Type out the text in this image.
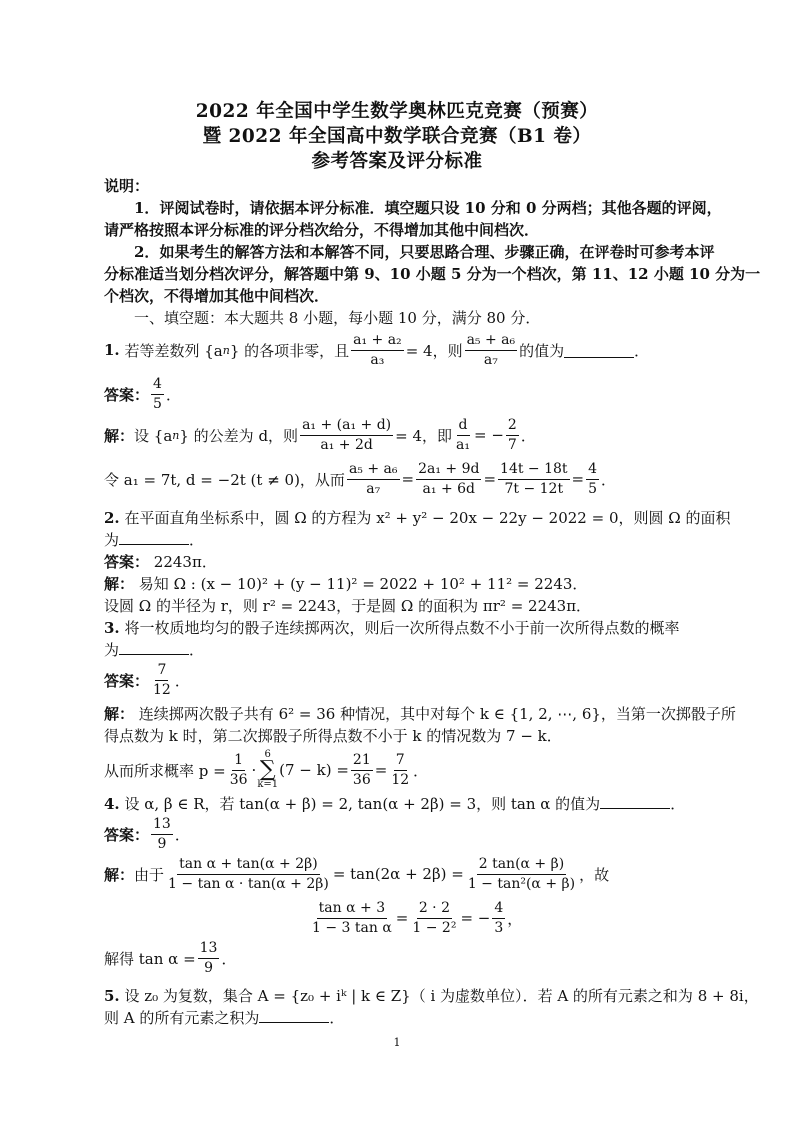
2022 年全国中学生数学奥林匹克竞赛（预赛）
暨 2022 年全国高中数学联合竞赛（B1 卷）
参考答案及评分标准
说明：
1．评阅试卷时，请依据本评分标准．填空题只设 10 分和 0 分两档；其他各题的评阅，
请严格按照本评分标准的评分档次给分，不得增加其他中间档次．
2．如果考生的解答方法和本解答不同，只要思路合理、步骤正确，在评卷时可参考本评
分标准适当划分档次评分，解答题中第 9、10 小题 5 分为一个档次，第 11、12 小题 10 分为一
个档次，不得增加其他中间档次．
一、填空题：本大题共 8 小题，每小题 10 分，满分 80 分．
1.
若等差数列 {a n } 的各项非零，且 $\frac{\text{a₁ + a₂}}{\text{a₃}} = 4$，则 $\frac{\text{a₅ + a₆}}{\text{a₇}}$ 的值为	．
答案： $\frac{4}{5}$ ．
解： 设 {a n } 的公差为 d，则 $\frac{\text{a₁ + (a₁ + d)}}{\text{a₁ + 2d}} = 4$，即 $\frac{d}{\text{a₁}}$ = − $\frac{2}{7}$ ．
令 a₁ = 7t, d = −2t (t ≠ 0)，从而 $\frac{\text{a₅ + a₆}}{\text{a₇}} = \frac{\text{2a₁ + 9d}}{\text{a₁ + 6d}} = \frac{14t - 18t}{7t - 12t} = \frac{4}{5}$ ．
2. 在平面直角坐标系中，圆 Ω 的方程为 x² + y² − 20x − 22y − 2022 = 0，则圆 Ω 的面积
为	．
答案： 2243π．
解： 易知 Ω : (x − 10)² + (y − 11)² = 2022 + 10² + 11² = 2243．
设圆 Ω 的半径为 r，则 r² = 2243，于是圆 Ω 的面积为 πr² = 2243π．
3. 将一枚质地均匀的骰子连续掷两次，则后一次所得点数不小于前一次所得点数的概率
为	．
答案： $\frac{7}{12}$ ．
解： 连续掷两次骰子共有 6² = 36 种情况，其中对每个 k ∈ {1, 2, ⋯, 6}，当第一次掷骰子所
得点数为 k 时，第二次掷骰子所得点数不小于 k 的情况数为 7 − k．
从而所求概率 $p = \frac{1}{36}$ ·
6
∑
k=1
$(7 - k) = \frac{21}{36} = \frac{7}{12}$ ．
4. 设 α, β ∈ R，若 tan(α + β) = 2, tan(α + 2β) = 3，则 tan α 的值为	．
答案： $\frac{13}{9}$ ．
解： 由于 $\frac{\text{tan α + tan(α + 2β)}}{\text{1 − tan α · tan(α + 2β)}} = \tan(2\alpha + 2\beta) = \frac{2 \tan(\alpha + \beta)}{\text{1 − tan²(α + β)}}$ ，故
$\frac{\text{tan α + 3}}{\text{1 − 3 tan α}} = \frac{2 \cdot 2}{\text{1 − 2²}}$ = − $\frac{4}{3}$ ，
解得 $\tan \alpha = \frac{13}{9}$ ．
5. 设 z₀ 为复数，集合 A = {z₀ + iᵏ | k ∈ Z}（ i 为虚数单位）．若 A 的所有元素之和为 8 + 8i，
则 A 的所有元素之积为	．
1
